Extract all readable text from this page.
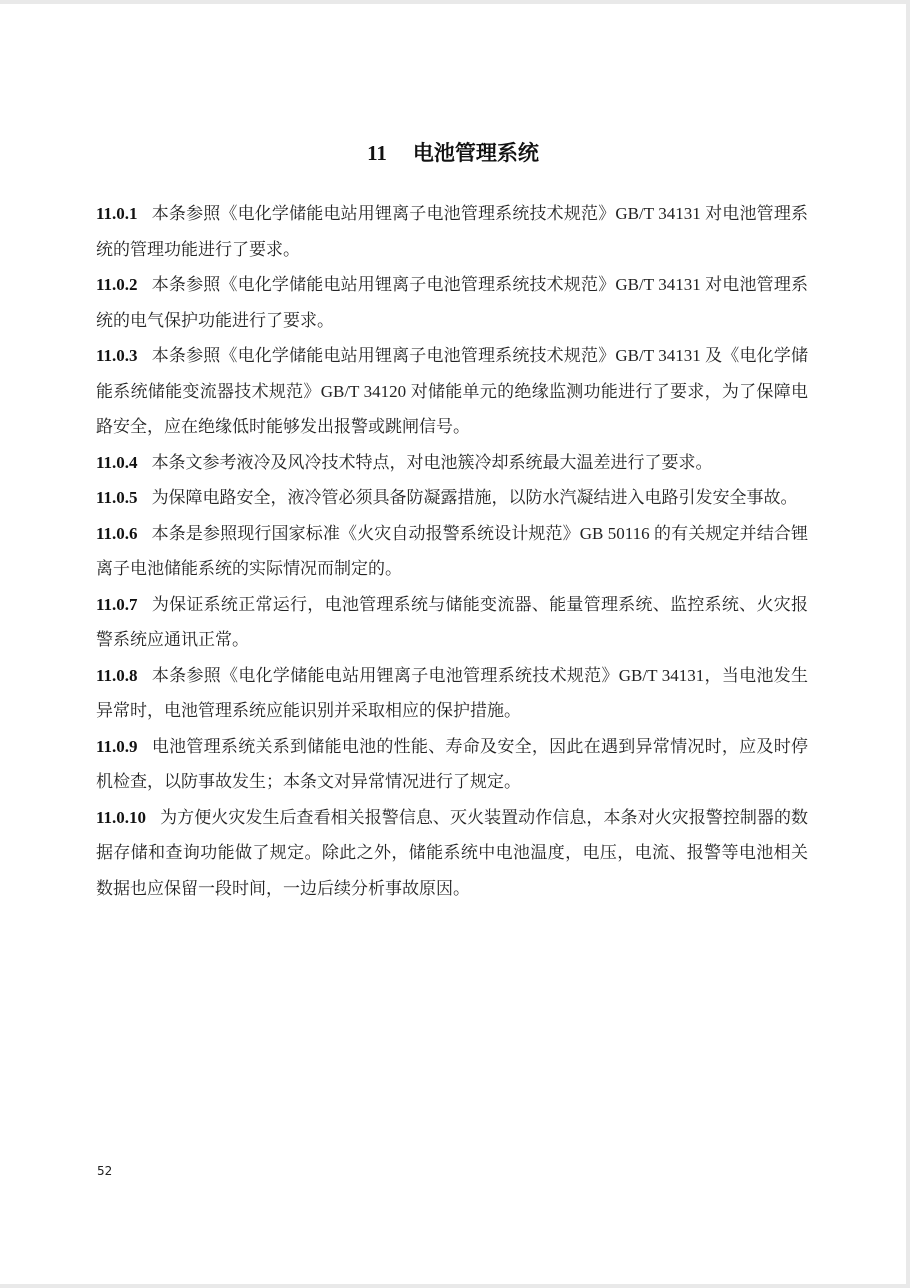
11 电池管理系统

11.0.1 本条参照《电化学储能电站用锂离子电池管理系统技术规范》GB/T 34131 对电池管理系统的管理功能进行了要求。

11.0.2 本条参照《电化学储能电站用锂离子电池管理系统技术规范》GB/T 34131 对电池管理系统的电气保护功能进行了要求。

11.0.3 本条参照《电化学储能电站用锂离子电池管理系统技术规范》GB/T 34131 及《电化学储能系统储能变流器技术规范》GB/T 34120 对储能单元的绝缘监测功能进行了要求，为了保障电路安全，应在绝缘低时能够发出报警或跳闸信号。

11.0.4 本条文参考液冷及风冷技术特点，对电池簇冷却系统最大温差进行了要求。

11.0.5 为保障电路安全，液冷管必须具备防凝露措施，以防水汽凝结进入电路引发安全事故。

11.0.6 本条是参照现行国家标准《火灾自动报警系统设计规范》GB 50116 的有关规定并结合锂离子电池储能系统的实际情况而制定的。

11.0.7 为保证系统正常运行，电池管理系统与储能变流器、能量管理系统、监控系统、火灾报警系统应通讯正常。

11.0.8 本条参照《电化学储能电站用锂离子电池管理系统技术规范》GB/T 34131，当电池发生异常时，电池管理系统应能识别并采取相应的保护措施。

11.0.9 电池管理系统关系到储能电池的性能、寿命及安全，因此在遇到异常情况时，应及时停机检查，以防事故发生；本条文对异常情况进行了规定。

11.0.10 为方便火灾发生后查看相关报警信息、灭火装置动作信息，本条对火灾报警控制器的数据存储和查询功能做了规定。除此之外，储能系统中电池温度，电压，电流、报警等电池相关数据也应保留一段时间，一边后续分析事故原因。

52
